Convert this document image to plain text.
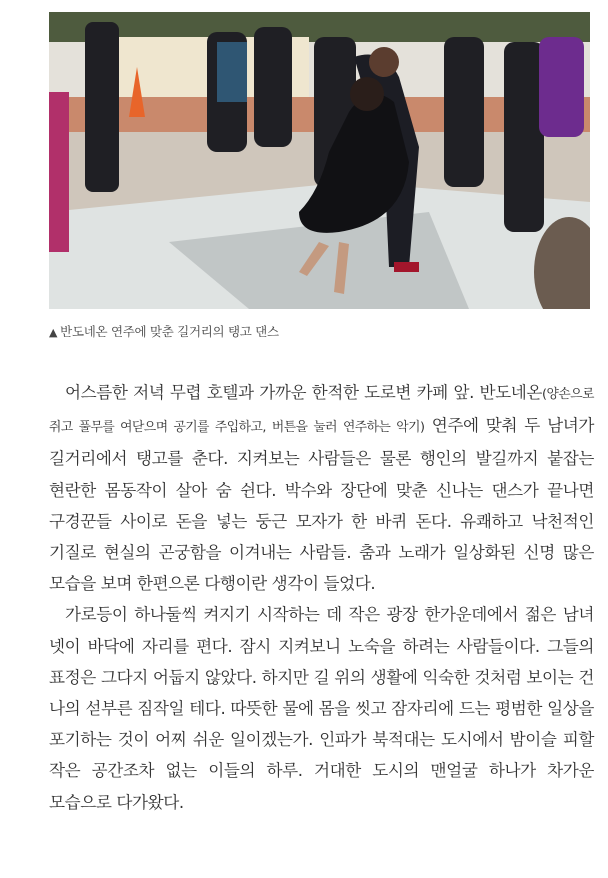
▲ 반도네온 연주에 맞춘 길거리의 탱고 댄스

어스름한 저녁 무렵 호텔과 가까운 한적한 도로변 카페 앞. 반도네온(양손으로 쥐고 풀무를 여닫으며 공기를 주입하고, 버튼을 눌러 연주하는 악기) 연주에 맞춰 두 남녀가 길거리에서 탱고를 춘다. 지켜보는 사람들은 물론 행인의 발길까지 붙잡는 현란한 몸동작이 살아 숨 쉰다. 박수와 장단에 맞춘 신나는 댄스가 끝나면 구경꾼들 사이로 돈을 넣는 둥근 모자가 한 바퀴 돈다. 유쾌하고 낙천적인 기질로 현실의 곤궁함을 이겨내는 사람들. 춤과 노래가 일상화된 신명 많은 모습을 보며 한편으론 다행이란 생각이 들었다.

가로등이 하나둘씩 켜지기 시작하는 데 작은 광장 한가운데에서 젊은 남녀 넷이 바닥에 자리를 편다. 잠시 지켜보니 노숙을 하려는 사람들이다. 그들의 표정은 그다지 어둡지 않았다. 하지만 길 위의 생활에 익숙한 것처럼 보이는 건 나의 섣부른 짐작일 테다. 따뜻한 물에 몸을 씻고 잠자리에 드는 평범한 일상을 포기하는 것이 어찌 쉬운 일이겠는가. 인파가 북적대는 도시에서 밤이슬 피할 작은 공간조차 없는 이들의 하루. 거대한 도시의 맨얼굴 하나가 차가운 모습으로 다가왔다.
